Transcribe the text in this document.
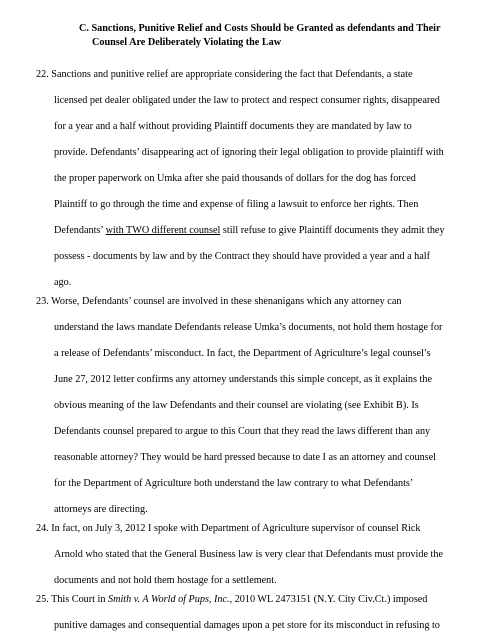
C. Sanctions, Punitive Relief and Costs Should be Granted as defendants and Their
Counsel Are Deliberately Violating the Law
22. Sanctions and punitive relief are appropriate considering the fact that Defendants, a state
licensed pet dealer obligated under the law to protect and respect consumer rights, disappeared
for a year and a half without providing Plaintiff documents they are mandated by law to
provide. Defendants’ disappearing act of ignoring their legal obligation to provide plaintiff with
the proper paperwork on Umka after she paid thousands of dollars for the dog has forced
Plaintiff to go through the time and expense of filing a lawsuit to enforce her rights. Then
Defendants’ with TWO different counsel still refuse to give Plaintiff documents they admit they
possess - documents by law and by the Contract they should have provided a year and a half
ago.
23. Worse, Defendants’ counsel are involved in these shenanigans which any attorney can
understand the laws mandate Defendants release Umka’s documents, not hold them hostage for
a release of Defendants’ misconduct. In fact, the Department of Agriculture’s legal counsel’s
June 27, 2012 letter confirms any attorney understands this simple concept, as it explains the
obvious meaning of the law Defendants and their counsel are violating (see Exhibit B). Is
Defendants counsel prepared to argue to this Court that they read the laws different than any
reasonable attorney? They would be hard pressed because to date I as an attorney and counsel
for the Department of Agriculture both understand the law contrary to what Defendants’
attorneys are directing.
24. In fact, on July 3, 2012 I spoke with Department of Agriculture supervisor of counsel Rick
Arnold who stated that the General Business law is very clear that Defendants must provide the
documents and not hold them hostage for a settlement.
25. This Court in Smith v. A World of Pups, Inc., 2010 WL 2473151 (N.Y. City Civ.Ct.) imposed
punitive damages and consequential damages upon a pet store for its misconduct in refusing to
